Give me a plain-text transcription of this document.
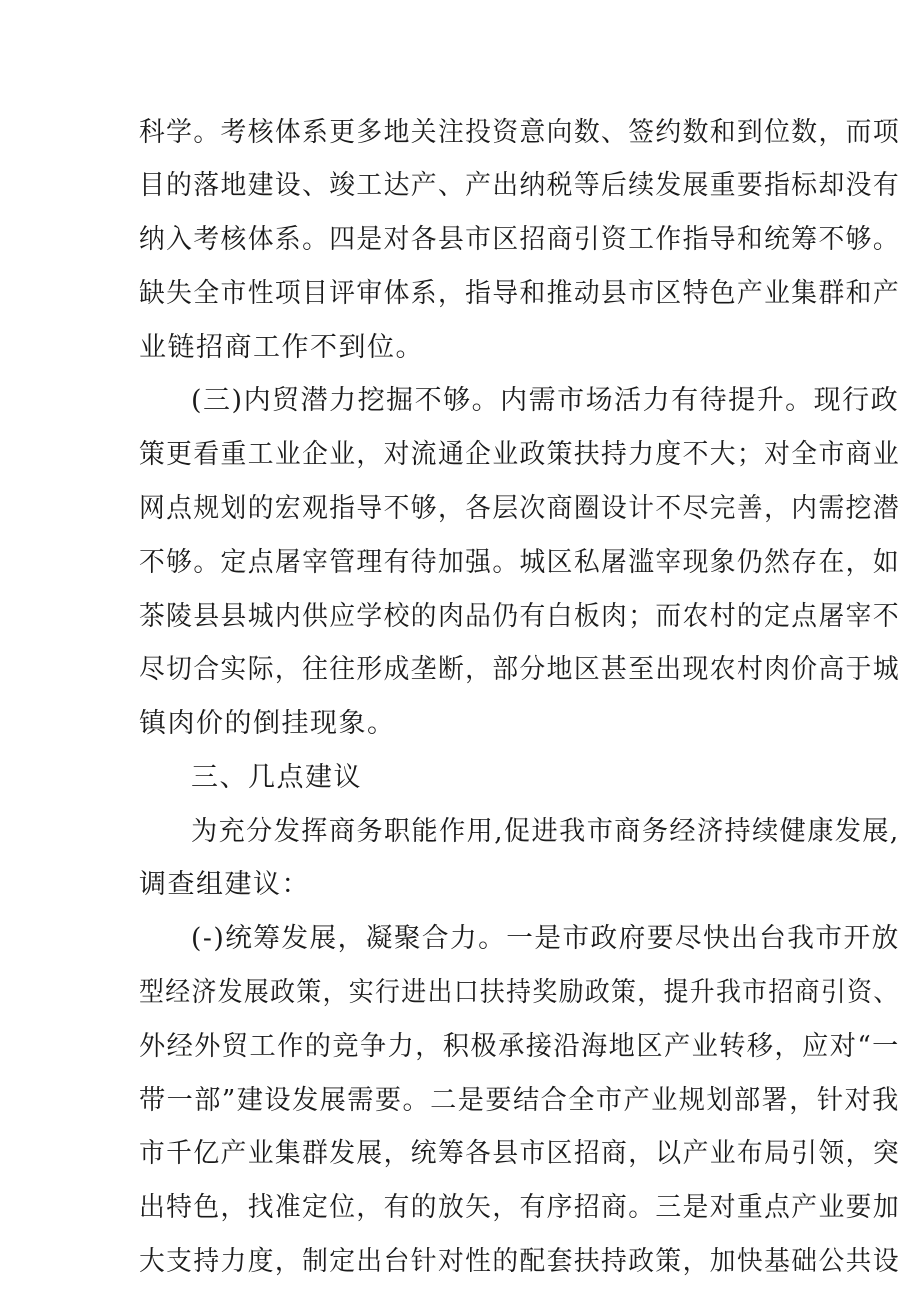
科学。考核体系更多地关注投资意向数、签约数和到位数，而项
目的落地建设、竣工达产、产出纳税等后续发展重要指标却没有
纳入考核体系。四是对各县市区招商引资工作指导和统筹不够。
缺失全市性项目评审体系，指导和推动县市区特色产业集群和产
业链招商工作不到位。
(三)内贸潜力挖掘不够。内需市场活力有待提升。现行政
策更看重工业企业，对流通企业政策扶持力度不大；对全市商业
网点规划的宏观指导不够，各层次商圈设计不尽完善，内需挖潜
不够。定点屠宰管理有待加强。城区私屠滥宰现象仍然存在，如
茶陵县县城内供应学校的肉品仍有白板肉；而农村的定点屠宰不
尽切合实际，往往形成垄断，部分地区甚至出现农村肉价高于城
镇肉价的倒挂现象。
三、几点建议
为充分发挥商务职能作用,促进我市商务经济持续健康发展,
调查组建议：
(-)统筹发展，凝聚合力。一是市政府要尽快出台我市开放
型经济发展政策，实行进出口扶持奖励政策，提升我市招商引资、
外经外贸工作的竞争力，积极承接沿海地区产业转移，应对“一
带一部”建设发展需要。二是要结合全市产业规划部署，针对我
市千亿产业集群发展，统筹各县市区招商，以产业布局引领，突
出特色，找准定位，有的放矢，有序招商。三是对重点产业要加
大支持力度，制定出台针对性的配套扶持政策，加快基础公共设
